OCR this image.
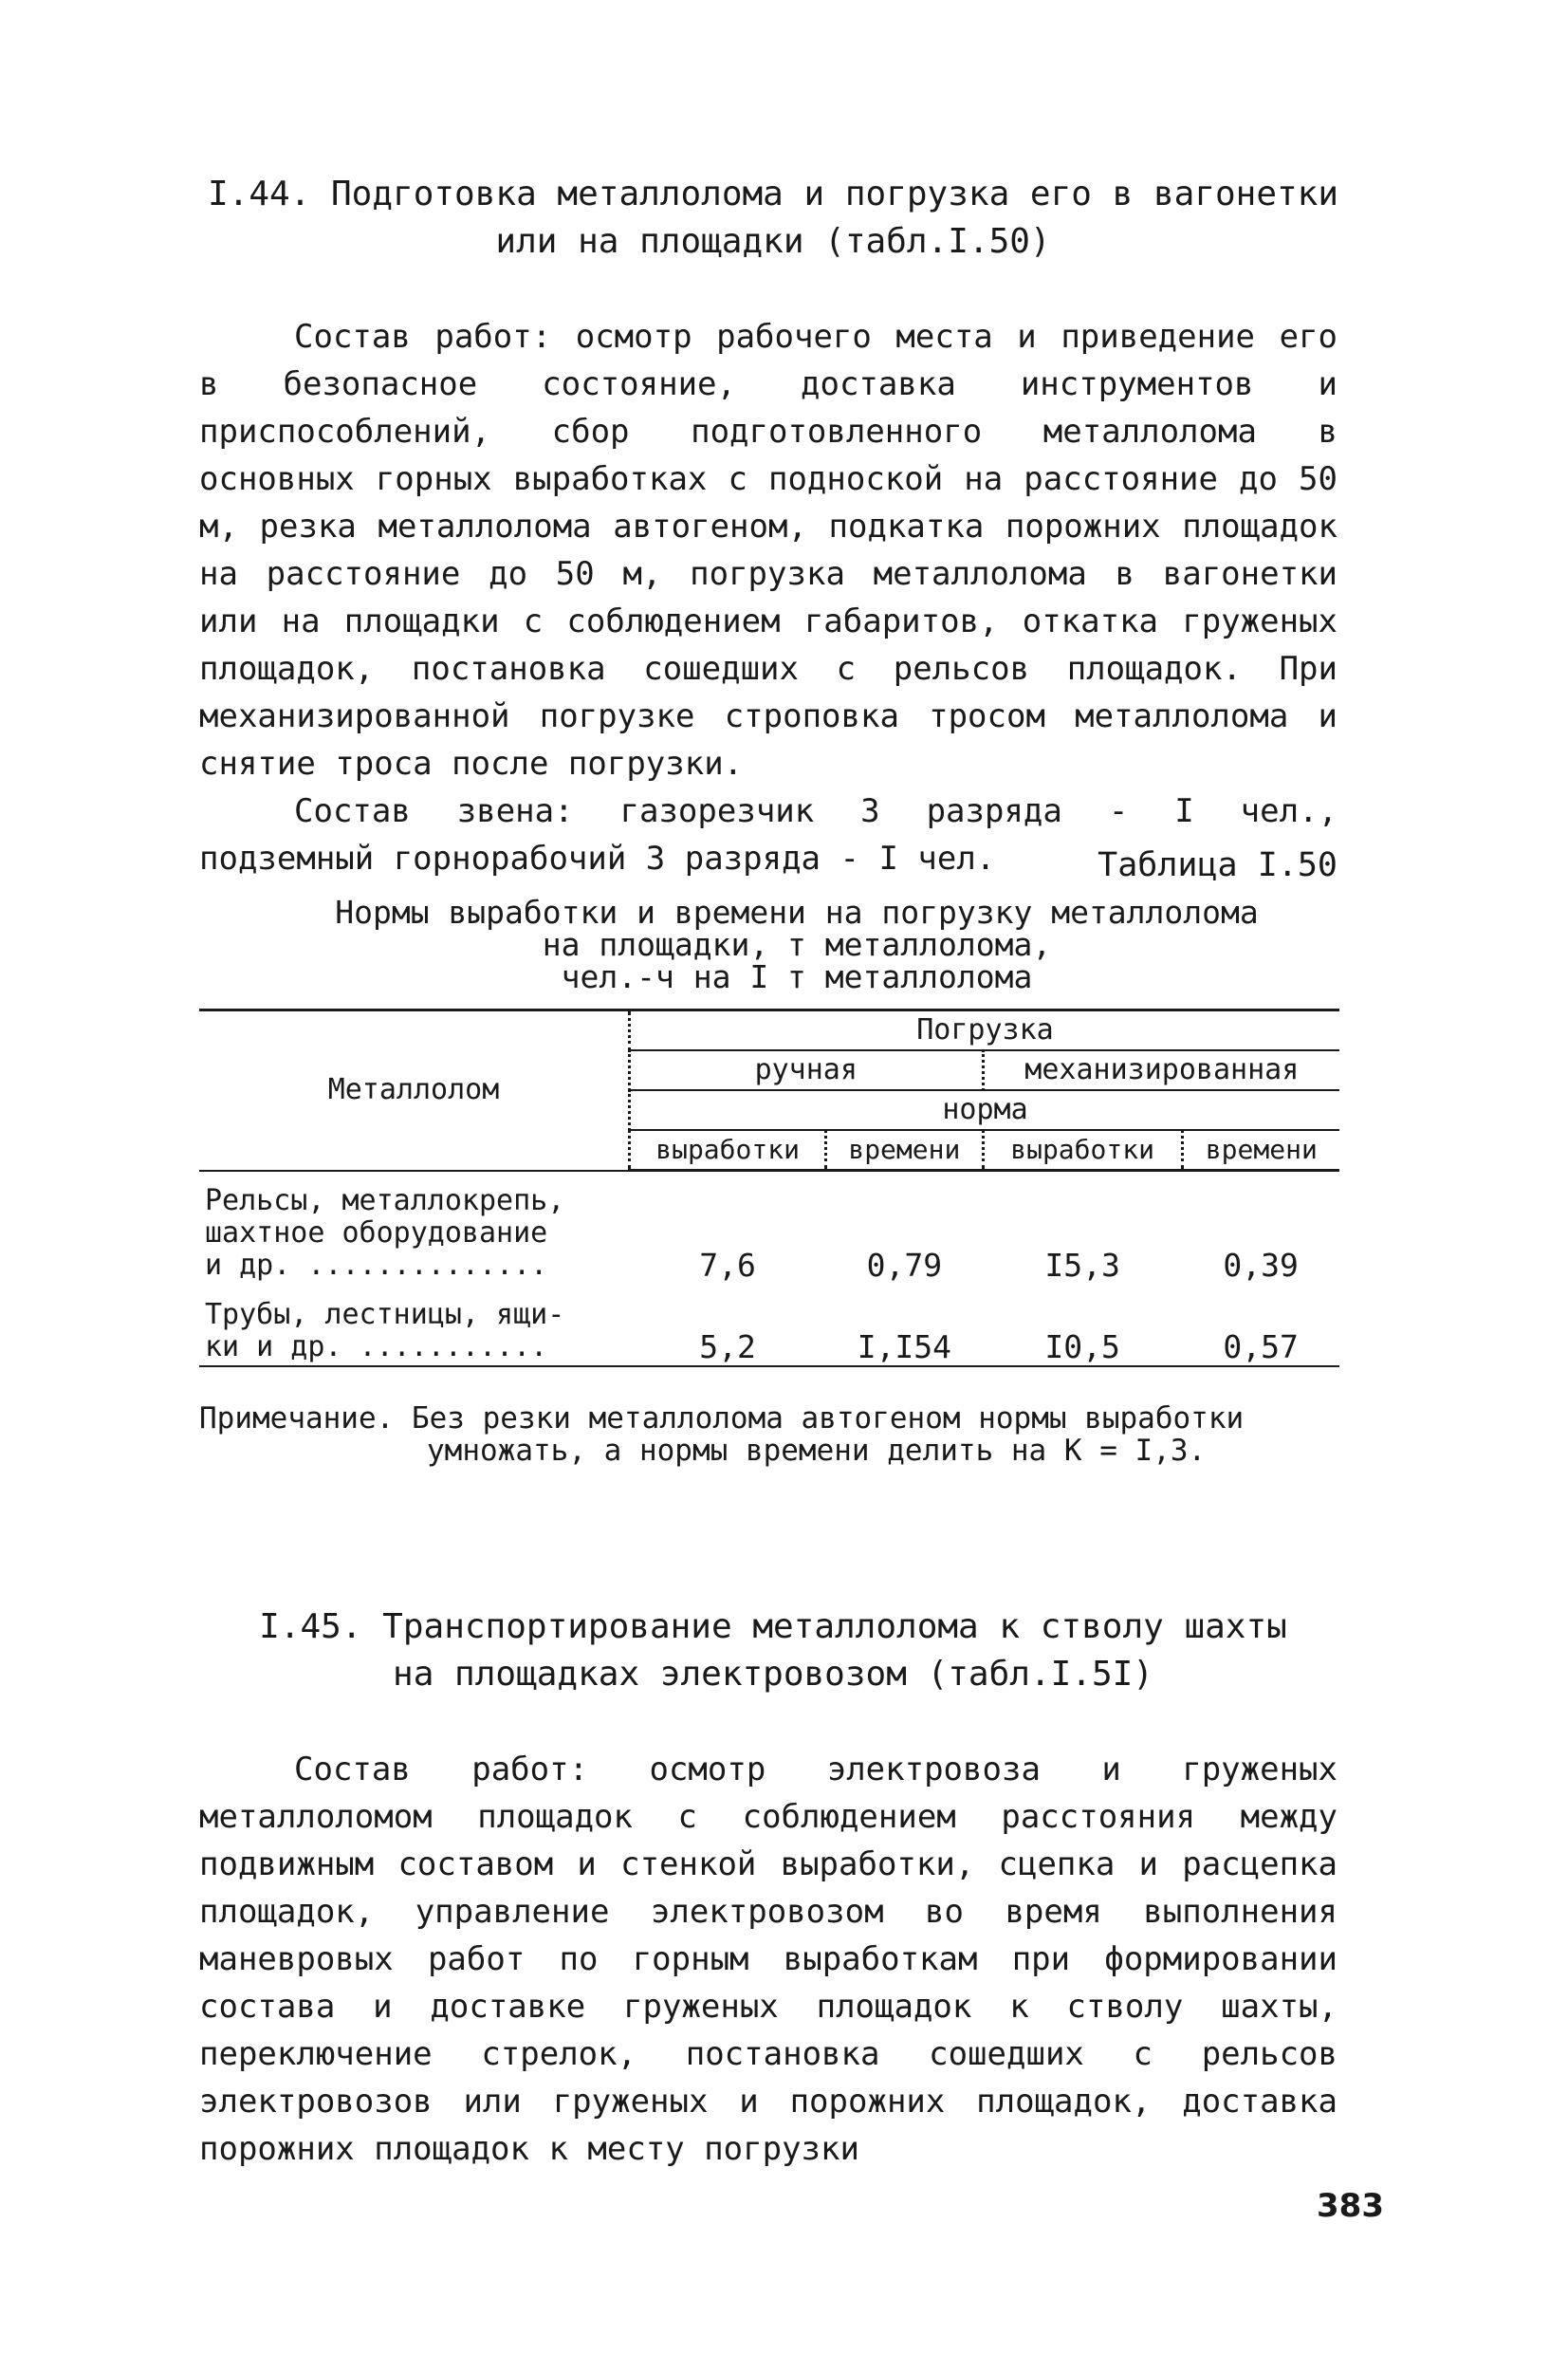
I.44. Подготовка металлолома и погрузка его в вагонетки
или на площадки (табл.I.50)

Состав работ: осмотр рабочего места и приведение его в безопасное состояние, доставка инструментов и приспособлений, сбор подготовленного металлолома в основных горных выработках с подноской на расстояние до 50 м, резка металлолома автогеном, подкатка порожних площадок на расстояние до 50 м, погрузка металлолома в вагонетки или на площадки с соблюдением габаритов, откатка груженых площадок, постановка сошедших с рельсов площадок. При механизированной погрузке строповка тросом металлолома и снятие троса после погрузки.

Состав звена: газорезчик 3 разряда - I чел., подземный горнорабочий 3 разряда - I чел.	Таблица I.50
Нормы выработки и времени на погрузку металлолома
на площадки, т металлолома,
чел.-ч на I т металлолома
Металлолом	Погрузка			
	ручная		механизированная	
	норма			
	выработки	времени	выработки	времени

Рельсы, металлокрепь,
шахтное оборудование
и др. ..............	7,6	0,79	I5,3	0,39

Трубы, лестницы, ящи-
ки и др. ...........	5,2	I,I54	I0,5	0,57
Примечание. Без резки металлолома автогеном нормы выработки
умножать, а нормы времени делить на К = I,3.
I.45. Транспортирование металлолома к стволу шахты
на площадках электровозом (табл.I.5I)

Состав работ: осмотр электровоза и груженых металлоломом площадок с соблюдением расстояния между подвижным составом и стенкой выработки, сцепка и расцепка площадок, управление электровозом во время выполнения маневровых работ по горным выработкам при формировании состава и доставке груженых площадок к стволу шахты, переключение стрелок, постановка сошедших с рельсов электровозов или груженых и порожних площадок, доставка порожних площадок к месту погрузки

383
